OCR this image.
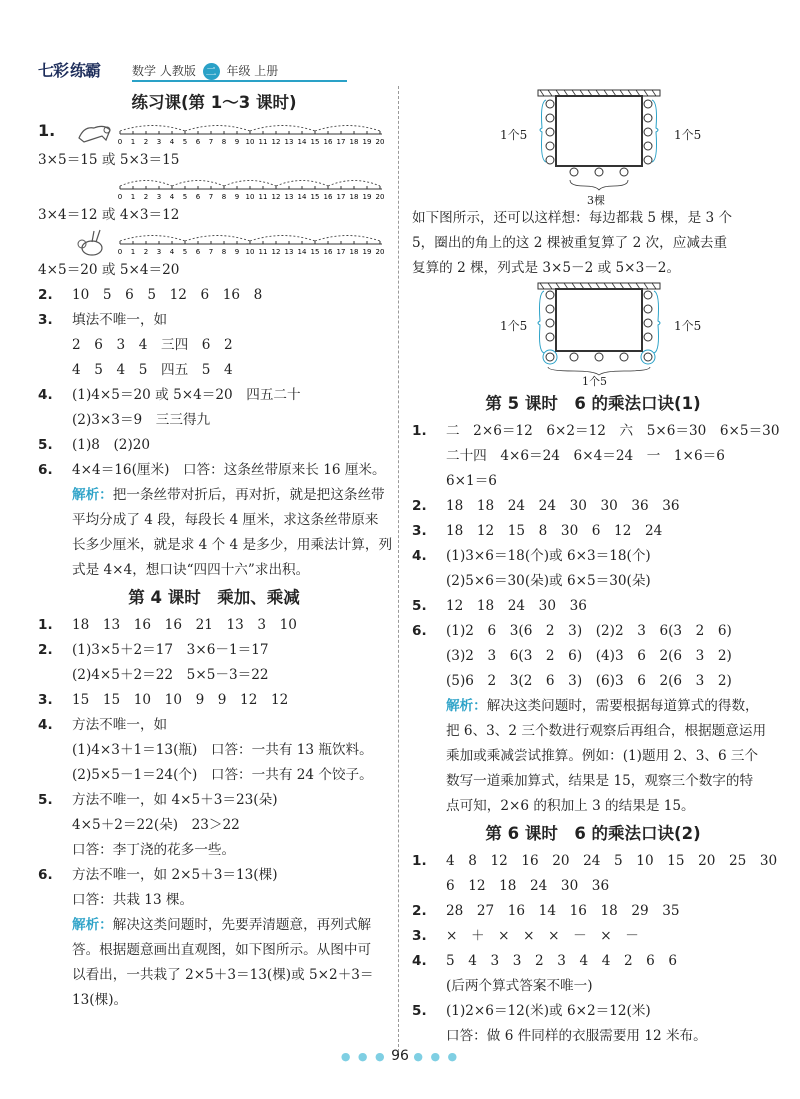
七彩 练霸	数学 人教版 二 年级 上册
练习课(第 1～3 课时)
1.
0 1 2 3 4 5 6 7 8 9 10 11 12 13 14 15 16 17 18 19 20
3×5＝15 或 5×3＝15
0 1 2 3 4 5 6 7 8 9 10 11 12 13 14 15 16 17 18 19 20
3×4＝12 或 4×3＝12
0 1 2 3 4 5 6 7 8 9 10 11 12 13 14 15 16 17 18 19 20
4×5＝20 或 5×4＝20
2. 10　5　6　5　12　6　16　8
3. 填法不唯一，如
2　6　3　4　三四　6　2
4　5　4　5　四五　5　4
4. (1)4×5＝20 或 5×4＝20　四五二十
(2)3×3＝9　三三得九
5. (1)8　(2)20
6. 4×4＝16(厘米)　口答：这条丝带原来长 16 厘米。
解析：把一条丝带对折后，再对折，就是把这条丝带
平均分成了 4 段，每段长 4 厘米，求这条丝带原来
长多少厘米，就是求 4 个 4 是多少，用乘法计算，列
式是 4×4，想口诀“四四十六”求出积。
第 4 课时　乘加、乘减
1. 18　13　16　16　21　13　3　10
2. (1)3×5＋2＝17　3×6－1＝17
(2)4×5＋2＝22　5×5－3＝22
3. 15　15　10　10　9　9　12　12
4. 方法不唯一，如
(1)4×3＋1＝13(瓶)　口答：一共有 13 瓶饮料。
(2)5×5－1＝24(个)　口答：一共有 24 个饺子。
5. 方法不唯一，如 4×5＋3＝23(朵)
4×5＋2＝22(朵)　23＞22
口答：李丁浇的花多一些。
6. 方法不唯一，如 2×5＋3＝13(棵)
口答：共栽 13 棵。
解析：解决这类问题时，先要弄清题意，再列式解
答。根据题意画出直观图，如下图所示。从图中可
以看出，一共栽了 2×5＋3＝13(棵)或 5×2＋3＝
13(棵)。
1个5	1个5
3棵
如下图所示，还可以这样想：每边都栽 5 棵，是 3 个
5，圈出的角上的这 2 棵被重复算了 2 次，应减去重
复算的 2 棵，列式是 3×5－2 或 5×3－2。
1个5	1个5
1个5
第 5 课时　6 的乘法口诀(1)
1. 二　2×6＝12　6×2＝12　六　5×6＝30　6×5＝30
二十四　4×6＝24　6×4＝24　一　1×6＝6
6×1＝6
2. 18　18　24　24　30　30　36　36
3. 18　12　15　8　30　6　12　24
4. (1)3×6＝18(个)或 6×3＝18(个)
(2)5×6＝30(朵)或 6×5＝30(朵)
5. 12　18　24　30　36
6. (1)2　6　3(6　2　3)　(2)2　3　6(3　2　6)
(3)2　3　6(3　2　6)　(4)3　6　2(6　3　2)
(5)6　2　3(2　6　3)　(6)3　6　2(6　3　2)
解析：解决这类问题时，需要根据每道算式的得数，
把 6、3、2 三个数进行观察后再组合，根据题意运用
乘加或乘减尝试推算。例如：(1)题用 2、3、6 三个
数写一道乘加算式，结果是 15，观察三个数字的特
点可知，2×6 的积加上 3 的结果是 15。
第 6 课时　6 的乘法口诀(2)
1. 4　8　12　16　20　24　5　10　15　20　25　30
6　12　18　24　30　36
2. 28　27　16　14　16　18　29　35
3. ×　＋　×　×　×　－　×　－
4. 5　4　3　3　2　3　4　4　2　6　6
(后两个算式答案不唯一)
5. (1)2×6＝12(米)或 6×2＝12(米)
口答：做 6 件同样的衣服需要用 12 米布。
● ● ● 96 ● ● ●
